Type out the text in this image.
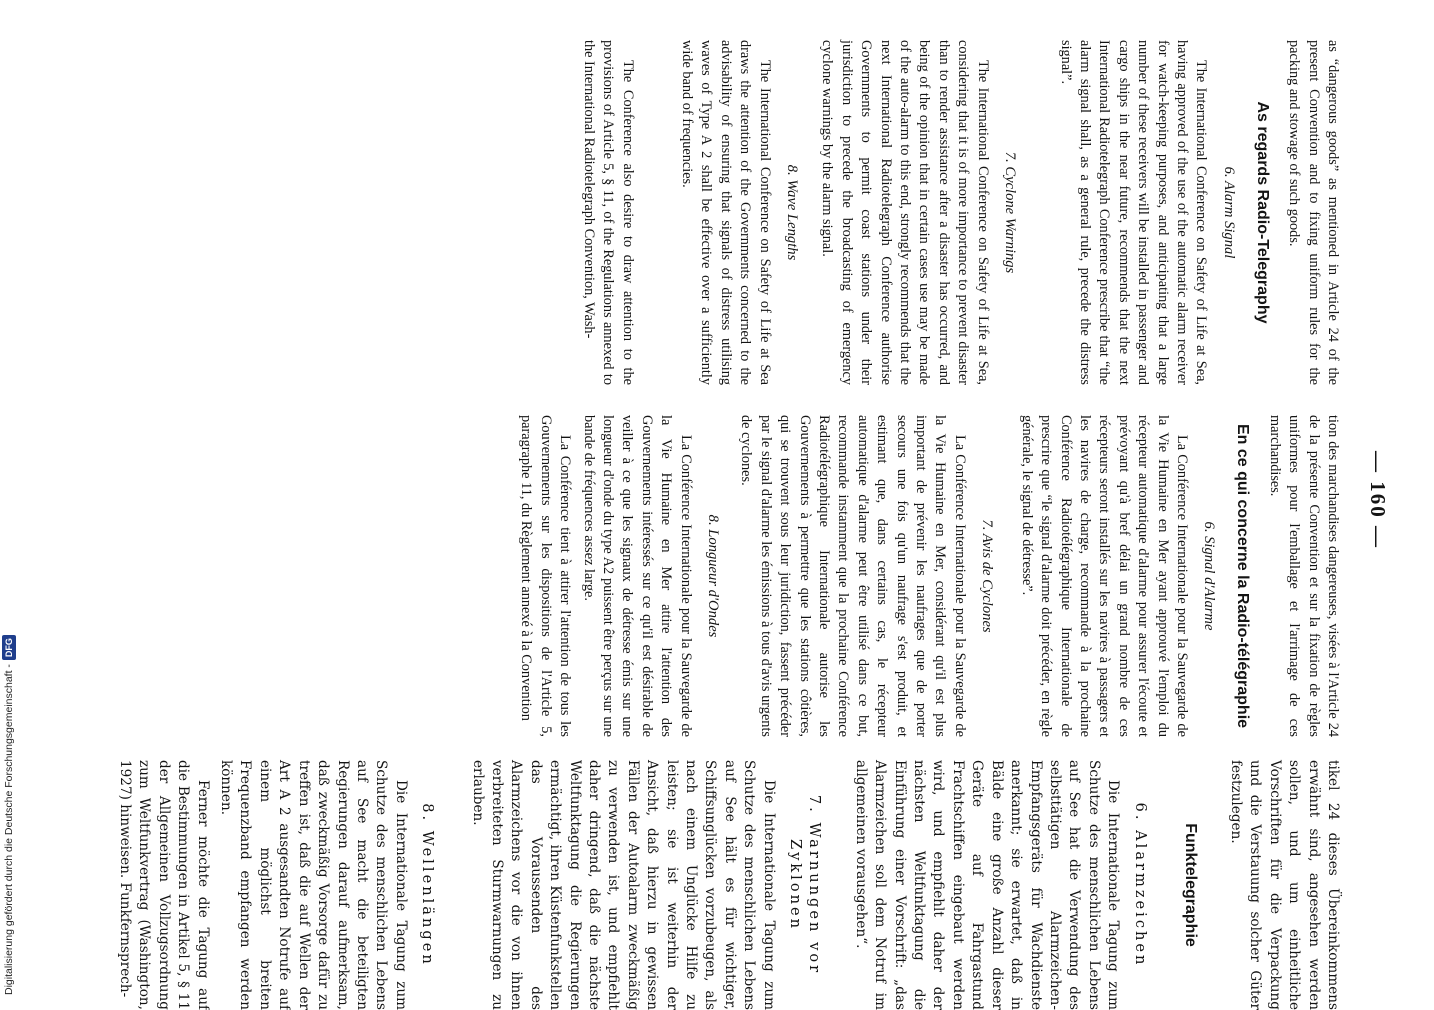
— 160 —

as “dangerous goods” as mentioned in Article 24 of the present Convention and to fixing uniform rules for the packing and stowage of such goods.

As regards Radio-Telegraphy
6. Alarm Signal

The International Conference on Safety of Life at Sea, having approved of the use of the automatic alarm receiver for watch-keeping purposes, and anticipating that a large number of these receivers will be installed in passenger and cargo ships in the near future, recommends that the next International Radiotelegraph Conference prescribe that “the alarm signal shall, as a general rule, precede the distress signal”.

7. Cyclone Warnings

The International Conference on Safety of Life at Sea, considering that it is of more importance to prevent disaster than to render assistance after a disaster has occurred, and being of the opinion that in certain cases use may be made of the auto-alarm to this end, strongly recommends that the next International Radiotelegraph Conference authorise Governments to permit coast stations under their jurisdiction to precede the broadcasting of emergency cyclone warnings by the alarm signal.

8. Wave Lengths

The International Conference on Safety of Life at Sea draws the attention of the Governments concerned to the advisability of ensuring that signals of distress utilising waves of Type A 2 shall be effective over a sufficiently wide band of frequencies.

The Conference also desire to draw attention to the provisions of Article 5, § 11, of the Regulations annexed to the International Radiotelegraph Convention, Wash-

tion des marchandises dangereuses, visées à l'Article 24 de la présente Convention et sur la fixation de règles uniformes pour l'emballage et l'arrimage de ces marchandises.

En ce qui concerne la Radio-télégraphie
6. Signal d'Alarme

La Conférence Internationale pour la Sauvegarde de la Vie Humaine en Mer ayant approuvé l'emploi du récepteur automatique d'alarme pour assurer l'écoute et prévoyant qu'à bref délai un grand nombre de ces récepteurs seront installés sur les navires à passagers et les navires de charge, recommande à la prochaine Conférence Radiotélégraphique Internationale de prescrire que “le signal d'alarme doit précéder, en règle générale, le signal de détresse”.

7. Avis de Cyclones

La Conférence Internationale pour la Sauvegarde de la Vie Humaine en Mer, considérant qu'il est plus important de prévenir les naufrages que de porter secours une fois qu'un naufrage s'est produit, et estimant que, dans certains cas, le récepteur automatique d'alarme peut être utilisé dans ce but, recommande instamment que la prochaine Conférence Radiotélégraphique Internationale autorise les Gouvernements à permettre que les stations côtières, qui se trouvent sous leur juridiction, fassent précéder par le signal d'alarme les émissions à tous d'avis urgents de cyclones.

8. Longueur d'Ondes

La Conférence Internationale pour la Sauvegarde de la Vie Humaine en Mer attire l'attention des Gouvernements intéressés sur ce qu'il est désirable de veiller à ce que les signaux de détresse émis sur une longueur d'onde du type A2 puissent être perçus sur une bande de fréquences assez large.

La Conférence tient à attirer l'attention de tous les Gouvernements sur les dispositions de l'Article 5, paragraphe 11, du Règlement annexé à la Convention

tikel 24 dieses Übereinkommens erwähnt sind, angesehen werden sollen, und um einheitliche Vorschriften für die Verpackung und die Verstauung solcher Güter festzulegen.

Funktelegraphie
6. Alarmzeichen

Die Internationale Tagung zum Schutze des menschlichen Lebens auf See hat die Verwendung des selbsttätigen Alarmzeichen-Empfangsgeräts für Wachdienste anerkannt; sie erwartet, daß in Bälde eine große Anzahl dieser Geräte auf Fahrgastund Frachtschiffen eingebaut werden wird, und empfiehlt daher der nächsten Weltfunktagung die Einführung einer Vorschrift: „das Alarmzeichen soll dem Notruf im allgemeinen vorausgehen“.

7. Warnungen vor Zyklonen

Die Internationale Tagung zum Schutze des menschlichen Lebens auf See hält es für wichtiger, Schiffsunglücken vorzubeugen, als nach einem Unglücke Hilfe zu leisten; sie ist weiterhin der Ansicht, daß hierzu in gewissen Fällen der Autoalarm zweckmäßig zu verwenden ist, und empfiehlt daher dringend, daß die nächste Weltfunktagung die Regierungen ermächtigt, ihren Küstenfunkstellen das Voraussenden des Alarmzeichens vor die von ihnen verbreiteten Sturmwarnungen zu erlauben.

8. Wellenlängen

Die Internationale Tagung zum Schutze des menschlichen Lebens auf See macht die beteiligten Regierungen darauf aufmerksam, daß zweckmäßig Vorsorge dafür zu treffen ist, daß die auf Wellen der Art A 2 ausgesandten Notrufe auf einem möglichst breiten Frequenzband empfangen werden können.

Ferner möchte die Tagung auf die Bestimmungen in Artikel 5, § 11 der Allgemeinen Vollzugsordnung zum Weltfunkvertrag (Washington, 1927) hinweisen. Funkfernsprech-

Digitalisierung gefördert durch die Deutsche Forschungsgemeinschaft -DFG
